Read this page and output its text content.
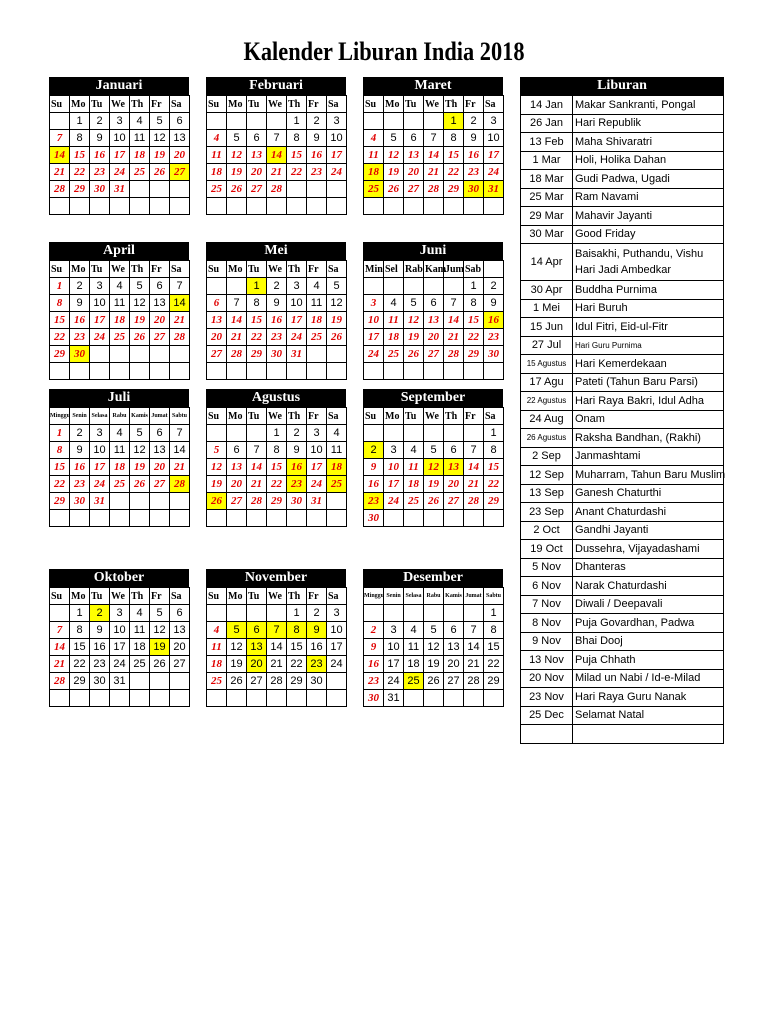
Kalender Liburan India 2018
Januari
Su	Mo	Tu	We	Th	Fr	Sa
	1	2	3	4	5	6
7	8	9	10	11	12	13
14	15	16	17	18	19	20
21	22	23	24	25	26	27
28	29	30	31			

Februari
Su	Mo	Tu	We	Th	Fr	Sa
				1	2	3
4	5	6	7	8	9	10
11	12	13	14	15	16	17
18	19	20	21	22	23	24
25	26	27	28			

Maret
Su	Mo	Tu	We	Th	Fr	Sa
				1	2	3
4	5	6	7	8	9	10
11	12	13	14	15	16	17
18	19	20	21	22	23	24
25	26	27	28	29	30	31

April
Su	Mo	Tu	We	Th	Fr	Sa
1	2	3	4	5	6	7
8	9	10	11	12	13	14
15	16	17	18	19	20	21
22	23	24	25	26	27	28
29	30					

Mei
Su	Mo	Tu	We	Th	Fr	Sa
		1	2	3	4	5
6	7	8	9	10	11	12
13	14	15	16	17	18	19
20	21	22	23	24	25	26
27	28	29	30	31		

Juni
Min	Sel	Rab	Kam	Jum	Sab	
					1	2
3	4	5	6	7	8	9
10	11	12	13	14	15	16
17	18	19	20	21	22	23
24	25	26	27	28	29	30

Juli
Minggu	Senin	Selasa	Rabu	Kamis	Jumat	Sabtu
1	2	3	4	5	6	7
8	9	10	11	12	13	14
15	16	17	18	19	20	21
22	23	24	25	26	27	28
29	30	31				

Agustus
Su	Mo	Tu	We	Th	Fr	Sa
			1	2	3	4
5	6	7	8	9	10	11
12	13	14	15	16	17	18
19	20	21	22	23	24	25
26	27	28	29	30	31	

September
Su	Mo	Tu	We	Th	Fr	Sa
						1
2	3	4	5	6	7	8
9	10	11	12	13	14	15
16	17	18	19	20	21	22
23	24	25	26	27	28	29
30						
Oktober
Su	Mo	Tu	We	Th	Fr	Sa
	1	2	3	4	5	6
7	8	9	10	11	12	13
14	15	16	17	18	19	20
21	22	23	24	25	26	27
28	29	30	31			

November
Su	Mo	Tu	We	Th	Fr	Sa
				1	2	3
4	5	6	7	8	9	10
11	12	13	14	15	16	17
18	19	20	21	22	23	24
25	26	27	28	29	30	

Desember
Minggu	Senin	Selasa	Rabu	Kamis	Jumat	Sabtu
						1
2	3	4	5	6	7	8
9	10	11	12	13	14	15
16	17	18	19	20	21	22
23	24	25	26	27	28	29
30	31					
Liburan
14 Jan	Makar Sankranti, Pongal
26 Jan	Hari Republik
13 Feb	Maha Shivaratri
1 Mar	Holi, Holika Dahan
18 Mar	Gudi Padwa, Ugadi
25 Mar	Ram Navami
29 Mar	Mahavir Jayanti
30 Mar	Good Friday
14 Apr	Baisakhi, Puthandu, Vishu Hari Jadi Ambedkar
30 Apr	Buddha Purnima
1 Mei	Hari Buruh
15 Jun	Idul Fitri, Eid-ul-Fitr
27 Jul	Hari Guru Purnima
15 Agustus	Hari Kemerdekaan
17 Agu	Pateti (Tahun Baru Parsi)
22 Agustus	Hari Raya Bakri, Idul Adha
24 Aug	Onam
26 Agustus	Raksha Bandhan, (Rakhi)
2 Sep	Janmashtami
12 Sep	Muharram, Tahun Baru Muslim
13 Sep	Ganesh Chaturthi
23 Sep	Anant Chaturdashi
2 Oct	Gandhi Jayanti
19 Oct	Dussehra, Vijayadashami
5 Nov	Dhanteras
6 Nov	Narak Chaturdashi
7 Nov	Diwali / Deepavali
8 Nov	Puja Govardhan, Padwa
9 Nov	Bhai Dooj
13 Nov	Puja Chhath
20 Nov	Milad un Nabi / Id-e-Milad
23 Nov	Hari Raya Guru Nanak
25 Dec	Selamat Natal
